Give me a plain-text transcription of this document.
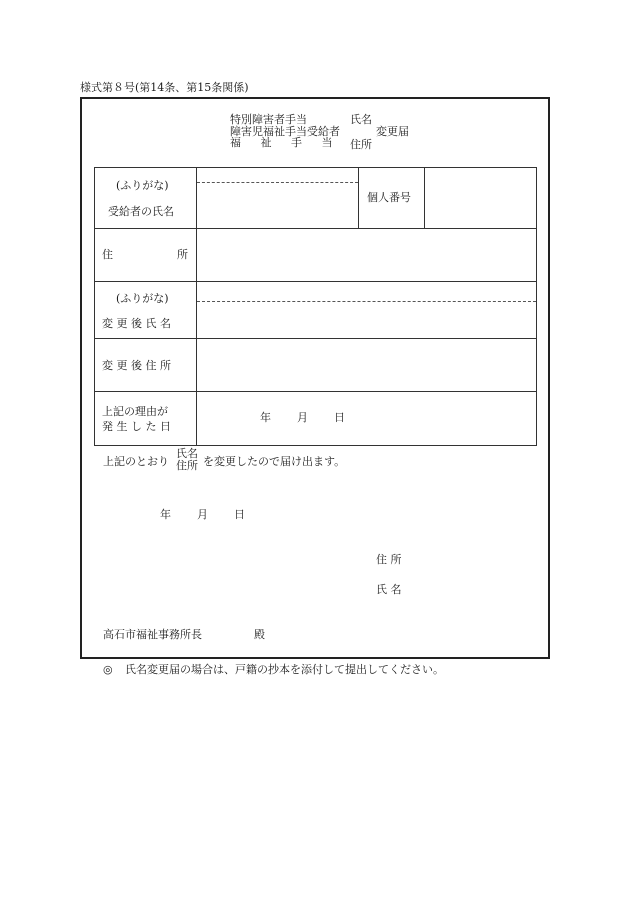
様式第８号(第14条、第15条関係)
特別障害者手当
障害児福祉手当受給者
福 祉 手 当
氏名
変更届
住所
(ふりがな)
受給者の氏名
個人番号
住	所
(ふりがな)
変 更 後 氏 名
変 更 後 住 所
上記の理由が
発 生 し た 日
年 月 日
上記のとおり
氏名
住所 を変更したので届け出ます。
年 月 日
住 所
氏 名
高石市福祉事務所長	殿
◎ 氏名変更届の場合は、戸籍の抄本を添付して提出してください。
